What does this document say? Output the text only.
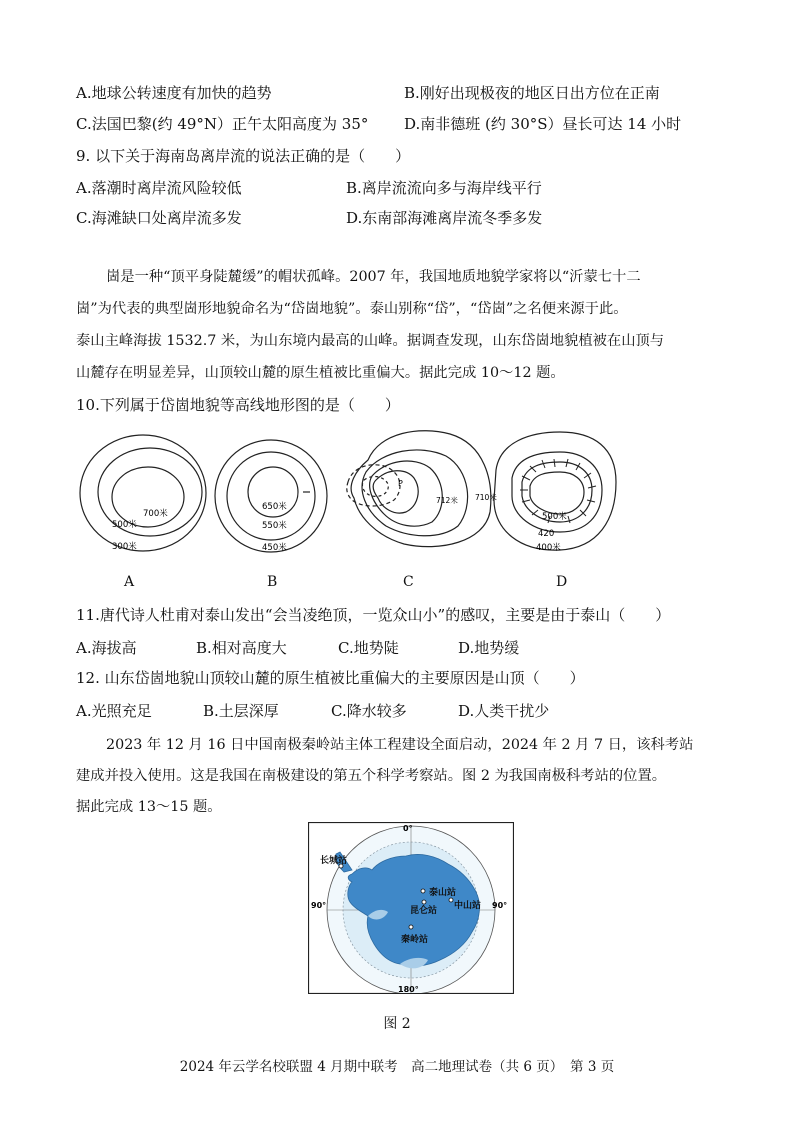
A.地球公转速度有加快的趋势	B.刚好出现极夜的地区日出方位在正南
C.法国巴黎(约 49°N）正午太阳高度为 35° D.南非德班 (约 30°S）昼长可达 14 小时
9. 以下关于海南岛离岸流的说法正确的是（　　）
A.落潮时离岸流风险较低	B.离岸流流向多与海岸线平行
C.海滩缺口处离岸流多发	D.东南部海滩离岸流冬季多发
崮是一种“顶平身陡麓缓”的帽状孤峰。2007 年，我国地质地貌学家将以“沂蒙七十二
崮”为代表的典型崮形地貌命名为“岱崮地貌”。泰山别称“岱”，“岱崮”之名便来源于此。
泰山主峰海拔 1532.7 米，为山东境内最高的山峰。据调查发现，山东岱崮地貌植被在山顶与
山麓存在明显差异，山顶较山麓的原生植被比重偏大。据此完成 10～12 题。
10.下列属于岱崮地貌等高线地形图的是（　　）
700米
500米
300米
650米
550米
450米
P
712米 710米
500米
420
400米
A	B	C	D
11.唐代诗人杜甫对泰山发出“会当凌绝顶，一览众山小”的感叹，主要是由于泰山（　　）
A.海拔高	B.相对高度大	C.地势陡	D.地势缓
12. 山东岱崮地貌山顶较山麓的原生植被比重偏大的主要原因是山顶（　　）
A.光照充足	B.土层深厚	C.降水较多	D.人类干扰少
2023 年 12 月 16 日中国南极秦岭站主体工程建设全面启动，2024 年 2 月 7 日，该科考站
建成并投入使用。这是我国在南极建设的第五个科学考察站。图 2 为我国南极科考站的位置。
据此完成 13～15 题。
0°
90°	90°
180°
长城站
泰山站
中山站
昆仑站
秦岭站
图 2
2024 年云学名校联盟 4 月期中联考　高二地理试卷（共 6 页）　第 3 页
